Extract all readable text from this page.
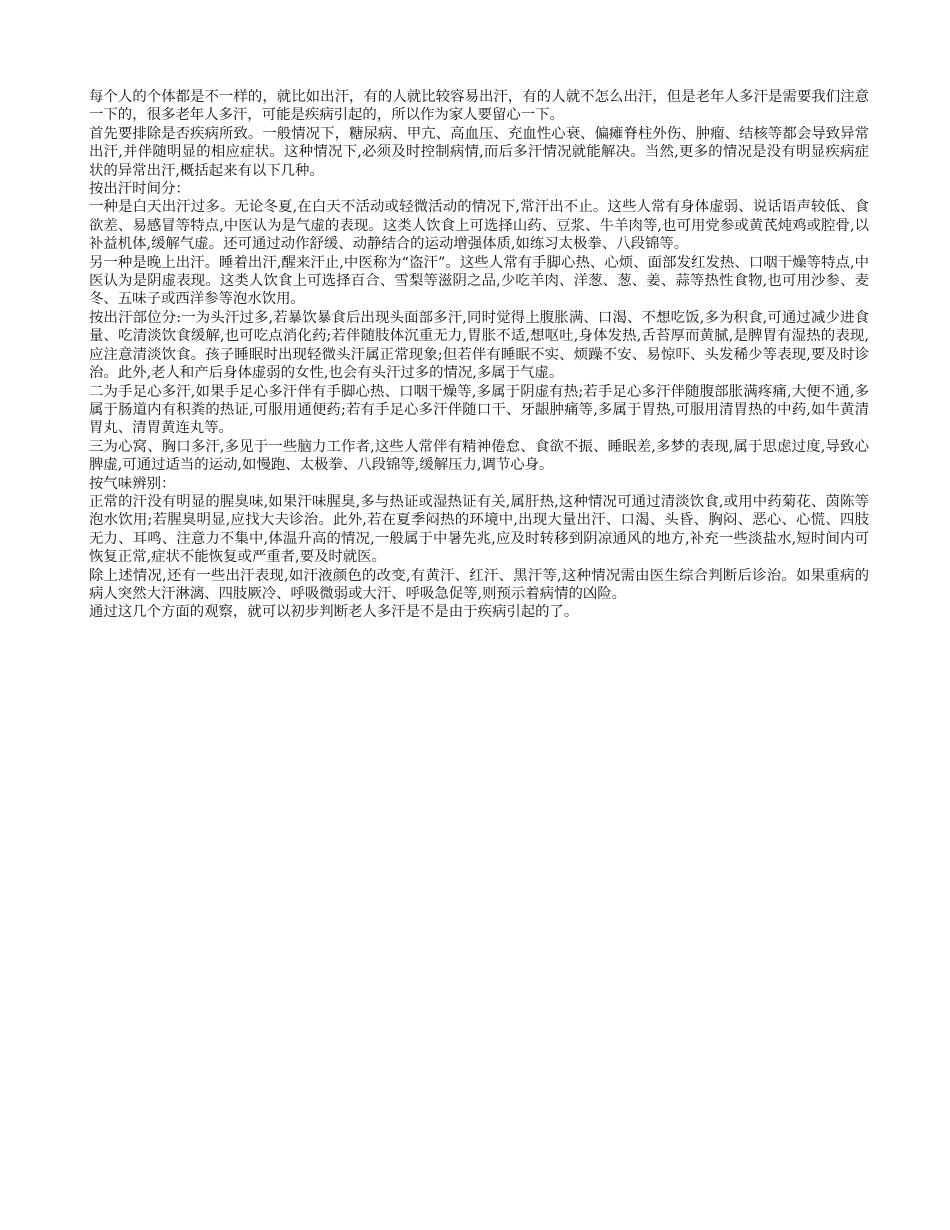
每个人的个体都是不一样的，就比如出汗，有的人就比较容易出汗，有的人就不怎么出汗，但是老年人多汗是需要我们注意一下的，很多老年人多汗，可能是疾病引起的，所以作为家人要留心一下。

首先要排除是否疾病所致。一般情况下，糖尿病、甲亢、高血压、充血性心衰、偏瘫脊柱外伤、肿瘤、结核等都会导致异常出汗,并伴随明显的相应症状。这种情况下,必须及时控制病情,而后多汗情况就能解决。当然,更多的情况是没有明显疾病症状的异常出汗,概括起来有以下几种。

按出汗时间分：

一种是白天出汗过多。无论冬夏,在白天不活动或轻微活动的情况下,常汗出不止。这些人常有身体虚弱、说话语声较低、食欲差、易感冒等特点,中医认为是气虚的表现。这类人饮食上可选择山药、豆浆、牛羊肉等,也可用党参或黄芪炖鸡或腔骨,以补益机体,缓解气虚。还可通过动作舒缓、动静结合的运动增强体质,如练习太极拳、八段锦等。

另一种是晚上出汗。睡着出汗,醒来汗止,中医称为“盗汗”。这些人常有手脚心热、心烦、面部发红发热、口咽干燥等特点,中医认为是阴虚表现。这类人饮食上可选择百合、雪梨等滋阴之品,少吃羊肉、洋葱、葱、姜、蒜等热性食物,也可用沙参、麦冬、五味子或西洋参等泡水饮用。

按出汗部位分:一为头汗过多,若暴饮暴食后出现头面部多汗,同时觉得上腹胀满、口渴、不想吃饭,多为积食,可通过减少进食量、吃清淡饮食缓解,也可吃点消化药;若伴随肢体沉重无力,胃胀不适,想呕吐,身体发热,舌苔厚而黄腻,是脾胃有湿热的表现,应注意清淡饮食。孩子睡眠时出现轻微头汗属正常现象;但若伴有睡眠不实、烦躁不安、易惊吓、头发稀少等表现,要及时诊治。此外,老人和产后身体虚弱的女性,也会有头汗过多的情况,多属于气虚。

二为手足心多汗,如果手足心多汗伴有手脚心热、口咽干燥等,多属于阴虚有热;若手足心多汗伴随腹部胀满疼痛,大便不通,多属于肠道内有积粪的热证,可服用通便药;若有手足心多汗伴随口干、牙龈肿痛等,多属于胃热,可服用清胃热的中药,如牛黄清胃丸、清胃黄连丸等。

三为心窝、胸口多汗,多见于一些脑力工作者,这些人常伴有精神倦怠、食欲不振、睡眠差,多梦的表现,属于思虑过度,导致心脾虚,可通过适当的运动,如慢跑、太极拳、八段锦等,缓解压力,调节心身。

按气味辨别：

正常的汗没有明显的腥臭味,如果汗味腥臭,多与热证或湿热证有关,属肝热,这种情况可通过清淡饮食,或用中药菊花、茵陈等泡水饮用;若腥臭明显,应找大夫诊治。此外,若在夏季闷热的环境中,出现大量出汗、口渴、头昏、胸闷、恶心、心慌、四肢无力、耳鸣、注意力不集中,体温升高的情况,一般属于中暑先兆,应及时转移到阴凉通风的地方,补充一些淡盐水,短时间内可恢复正常,症状不能恢复或严重者,要及时就医。

除上述情况,还有一些出汗表现,如汗液颜色的改变,有黄汗、红汗、黑汗等,这种情况需由医生综合判断后诊治。如果重病的病人突然大汗淋漓、四肢厥冷、呼吸微弱或大汗、呼吸急促等,则预示着病情的凶险。

通过这几个方面的观察，就可以初步判断老人多汗是不是由于疾病引起的了。
